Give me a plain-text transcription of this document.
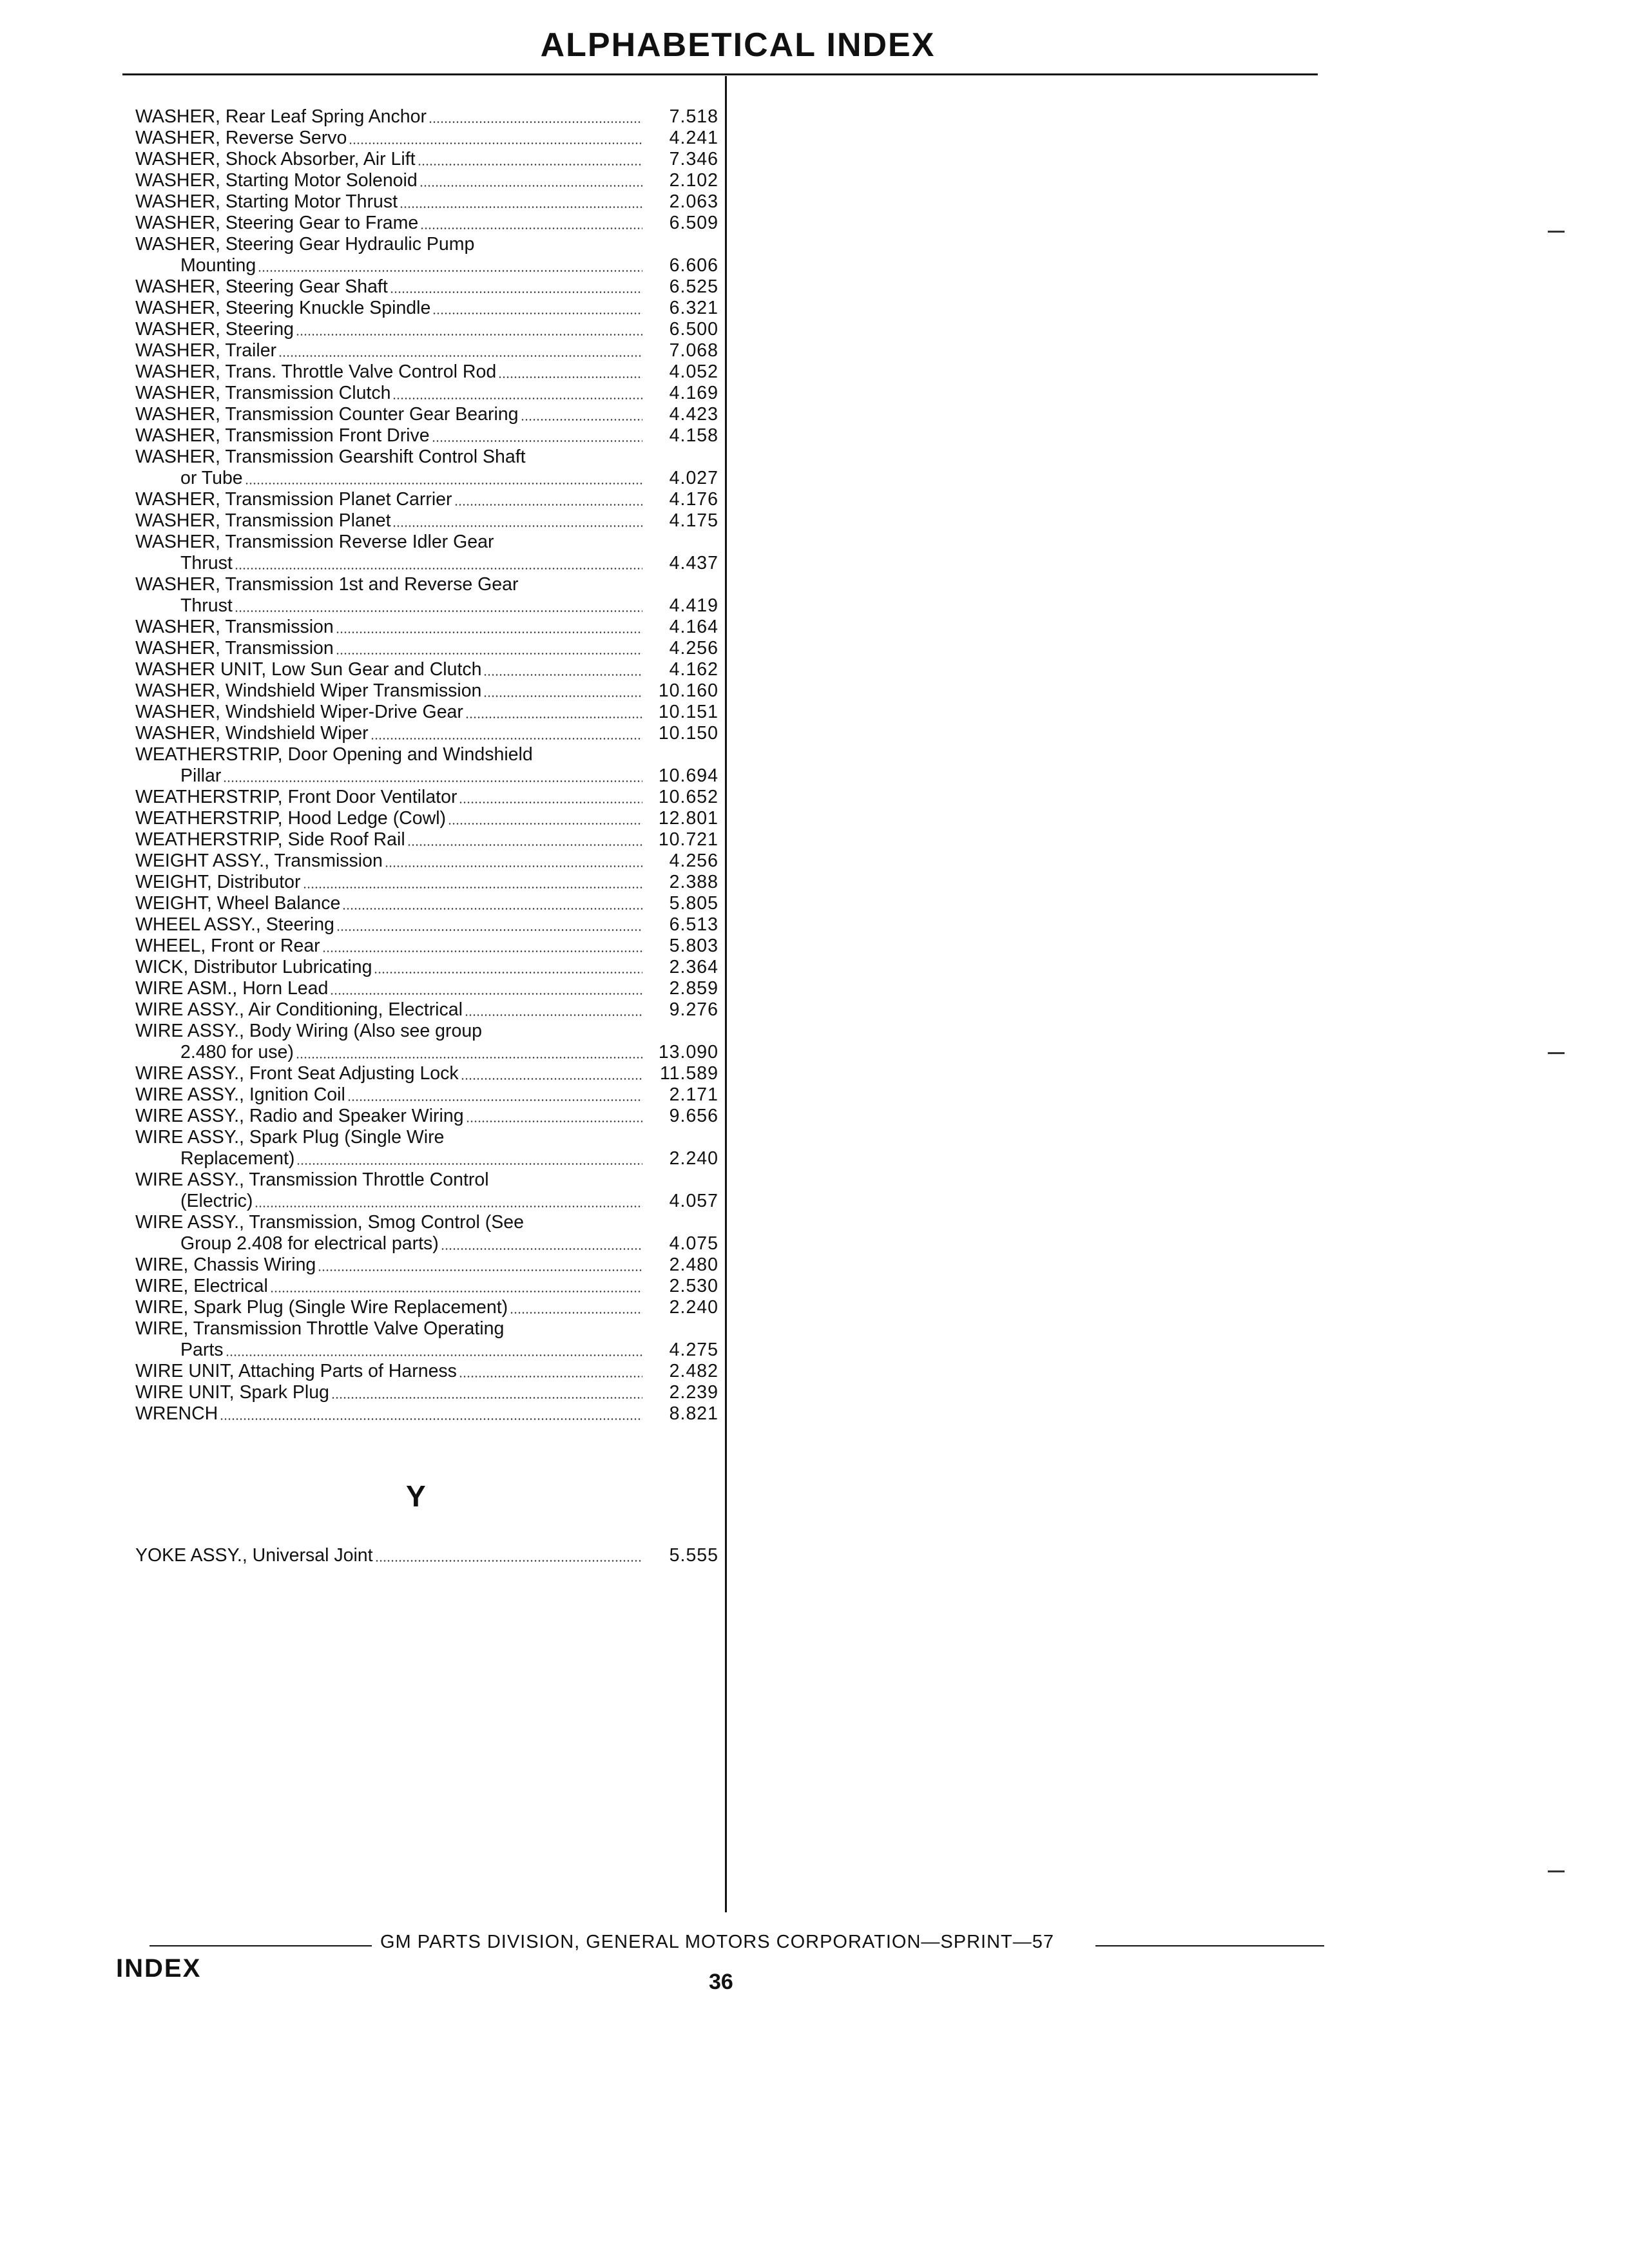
ALPHABETICAL INDEX
WASHER, Rear Leaf Spring Anchor	7.518
WASHER, Reverse Servo	4.241
WASHER, Shock Absorber, Air Lift	7.346
WASHER, Starting Motor Solenoid	2.102
WASHER, Starting Motor Thrust	2.063
WASHER, Steering Gear to Frame	6.509
WASHER, Steering Gear Hydraulic Pump
Mounting	6.606
WASHER, Steering Gear Shaft	6.525
WASHER, Steering Knuckle Spindle	6.321
WASHER, Steering	6.500
WASHER, Trailer	7.068
WASHER, Trans. Throttle Valve Control Rod	4.052
WASHER, Transmission Clutch	4.169
WASHER, Transmission Counter Gear Bearing	4.423
WASHER, Transmission Front Drive	4.158
WASHER, Transmission Gearshift Control Shaft
or Tube	4.027
WASHER, Transmission Planet Carrier	4.176
WASHER, Transmission Planet	4.175
WASHER, Transmission Reverse Idler Gear
Thrust	4.437
WASHER, Transmission 1st and Reverse Gear
Thrust	4.419
WASHER, Transmission	4.164
WASHER, Transmission	4.256
WASHER UNIT, Low Sun Gear and Clutch	4.162
WASHER, Windshield Wiper Transmission	10.160
WASHER, Windshield Wiper-Drive Gear	10.151
WASHER, Windshield Wiper	10.150
WEATHERSTRIP, Door Opening and Windshield
Pillar	10.694
WEATHERSTRIP, Front Door Ventilator	10.652
WEATHERSTRIP, Hood Ledge (Cowl)	12.801
WEATHERSTRIP, Side Roof Rail	10.721
WEIGHT ASSY., Transmission	4.256
WEIGHT, Distributor	2.388
WEIGHT, Wheel Balance	5.805
WHEEL ASSY., Steering	6.513
WHEEL, Front or Rear	5.803
WICK, Distributor Lubricating	2.364
WIRE ASM., Horn Lead	2.859
WIRE ASSY., Air Conditioning, Electrical	9.276
WIRE ASSY., Body Wiring (Also see group
2.480 for use)	13.090
WIRE ASSY., Front Seat Adjusting Lock	11.589
WIRE ASSY., Ignition Coil	2.171
WIRE ASSY., Radio and Speaker Wiring	9.656
WIRE ASSY., Spark Plug (Single Wire
Replacement)	2.240
WIRE ASSY., Transmission Throttle Control
(Electric)	4.057
WIRE ASSY., Transmission, Smog Control (See
Group 2.408 for electrical parts)	4.075
WIRE, Chassis Wiring	2.480
WIRE, Electrical	2.530
WIRE, Spark Plug (Single Wire Replacement)	2.240
WIRE, Transmission Throttle Valve Operating
Parts	4.275
WIRE UNIT, Attaching Parts of Harness	2.482
WIRE UNIT, Spark Plug	2.239
WRENCH	8.821
Y
YOKE ASSY., Universal Joint	5.555
GM PARTS DIVISION, GENERAL MOTORS CORPORATION—SPRINT—57
INDEX	36
